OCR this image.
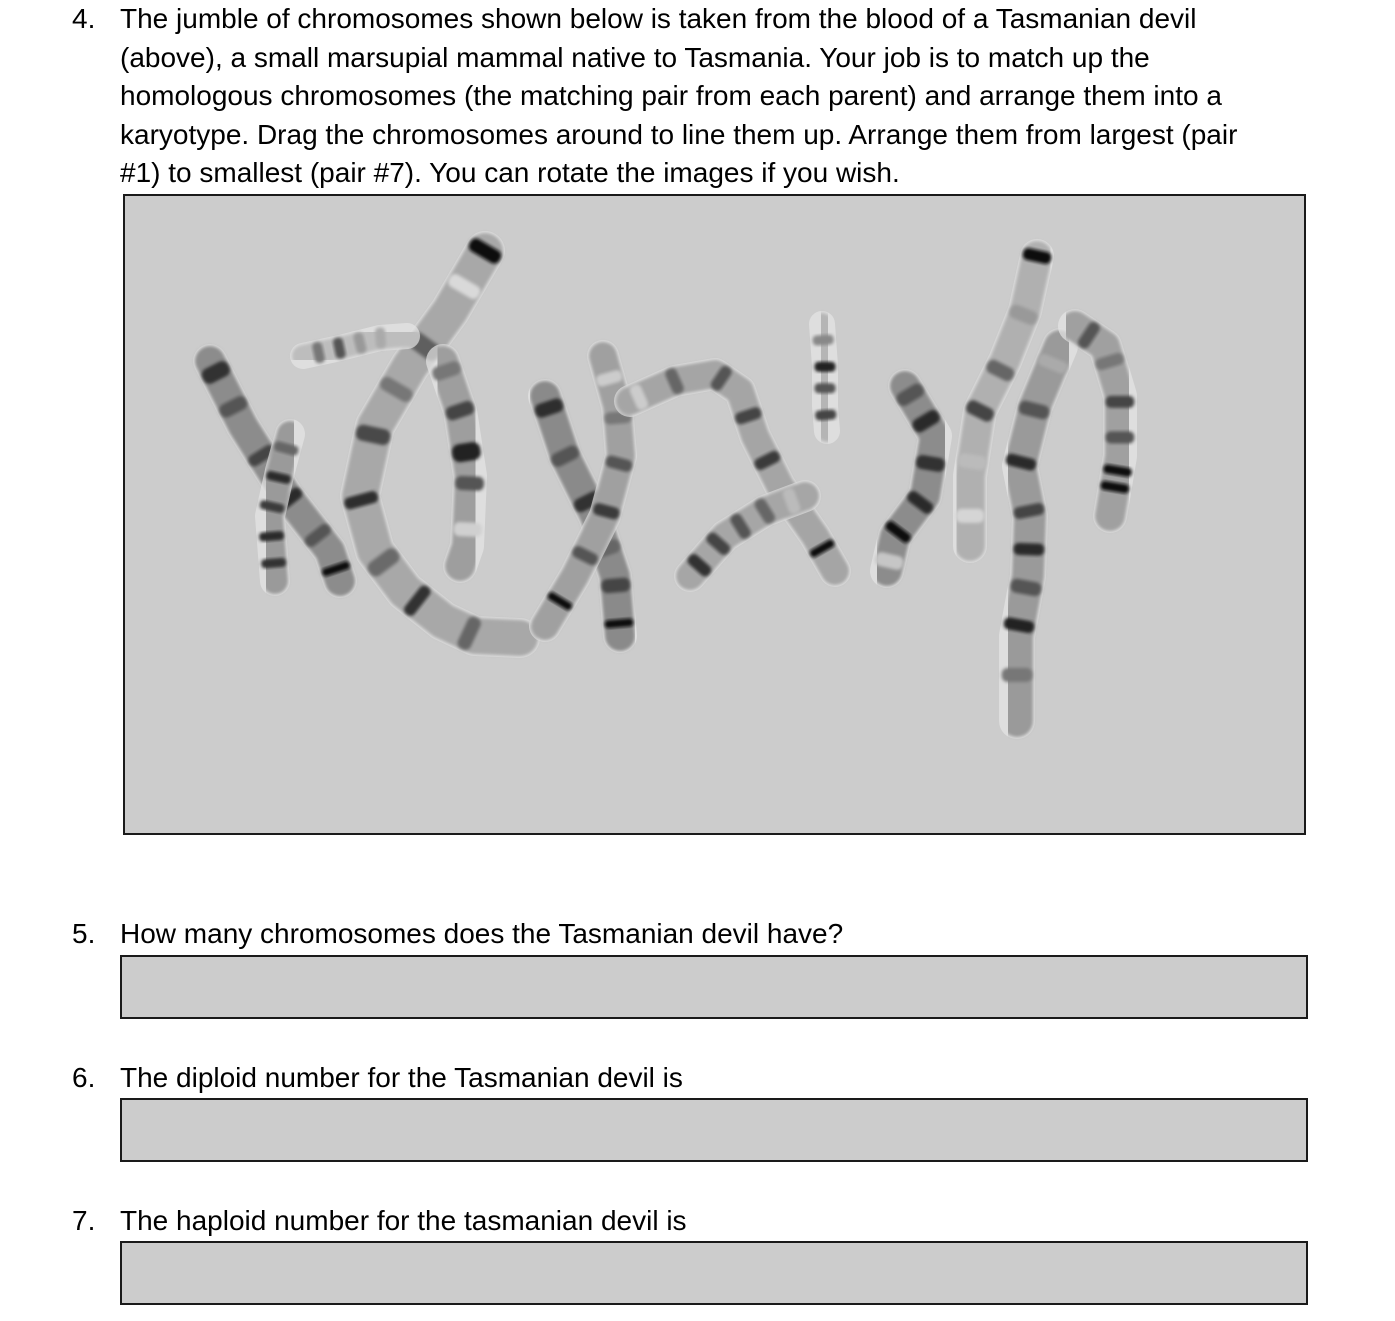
4. The jumble of chromosomes shown below is taken from the blood of a Tasmanian devil
(above), a small marsupial mammal native to Tasmania. Your job is to match up the
homologous chromosomes (the matching pair from each parent) and arrange them into a
karyotype. Drag the chromosomes around to line them up. Arrange them from largest (pair
#1) to smallest (pair #7). You can rotate the images if you wish.
5. How many chromosomes does the Tasmanian devil have?
6. The diploid number for the Tasmanian devil is
7. The haploid number for the tasmanian devil is
